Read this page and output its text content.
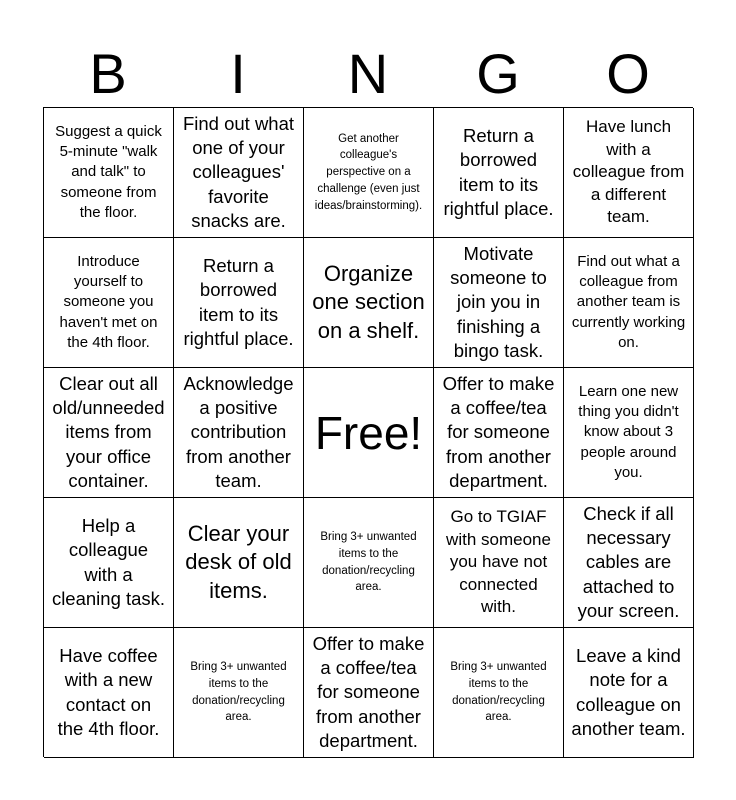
B	I	N	G	O
Suggest a quick 5-minute "walk and talk" to someone from the floor.
Find out what one of your colleagues' favorite snacks are.
Get another colleague's perspective on a challenge (even just ideas/brainstorming).
Return a borrowed item to its rightful place.
Have lunch with a colleague from a different team.
Introduce yourself to someone you haven't met on the 4th floor.
Return a borrowed item to its rightful place.
Organize one section on a shelf.
Motivate someone to join you in finishing a bingo task.
Find out what a colleague from another team is currently working on.
Clear out all old/unneeded items from your office container.
Acknowledge a positive contribution from another team.
Free!
Offer to make a coffee/tea for someone from another department.
Learn one new thing you didn't know about 3 people around you.
Help a colleague with a cleaning task.
Clear your desk of old items.
Bring 3+ unwanted items to the donation/recycling area.
Go to TGIAF with someone you have not connected with.
Check if all necessary cables are attached to your screen.
Have coffee with a new contact on the 4th floor.
Bring 3+ unwanted items to the donation/recycling area.
Offer to make a coffee/tea for someone from another department.
Bring 3+ unwanted items to the donation/recycling area.
Leave a kind note for a colleague on another team.
